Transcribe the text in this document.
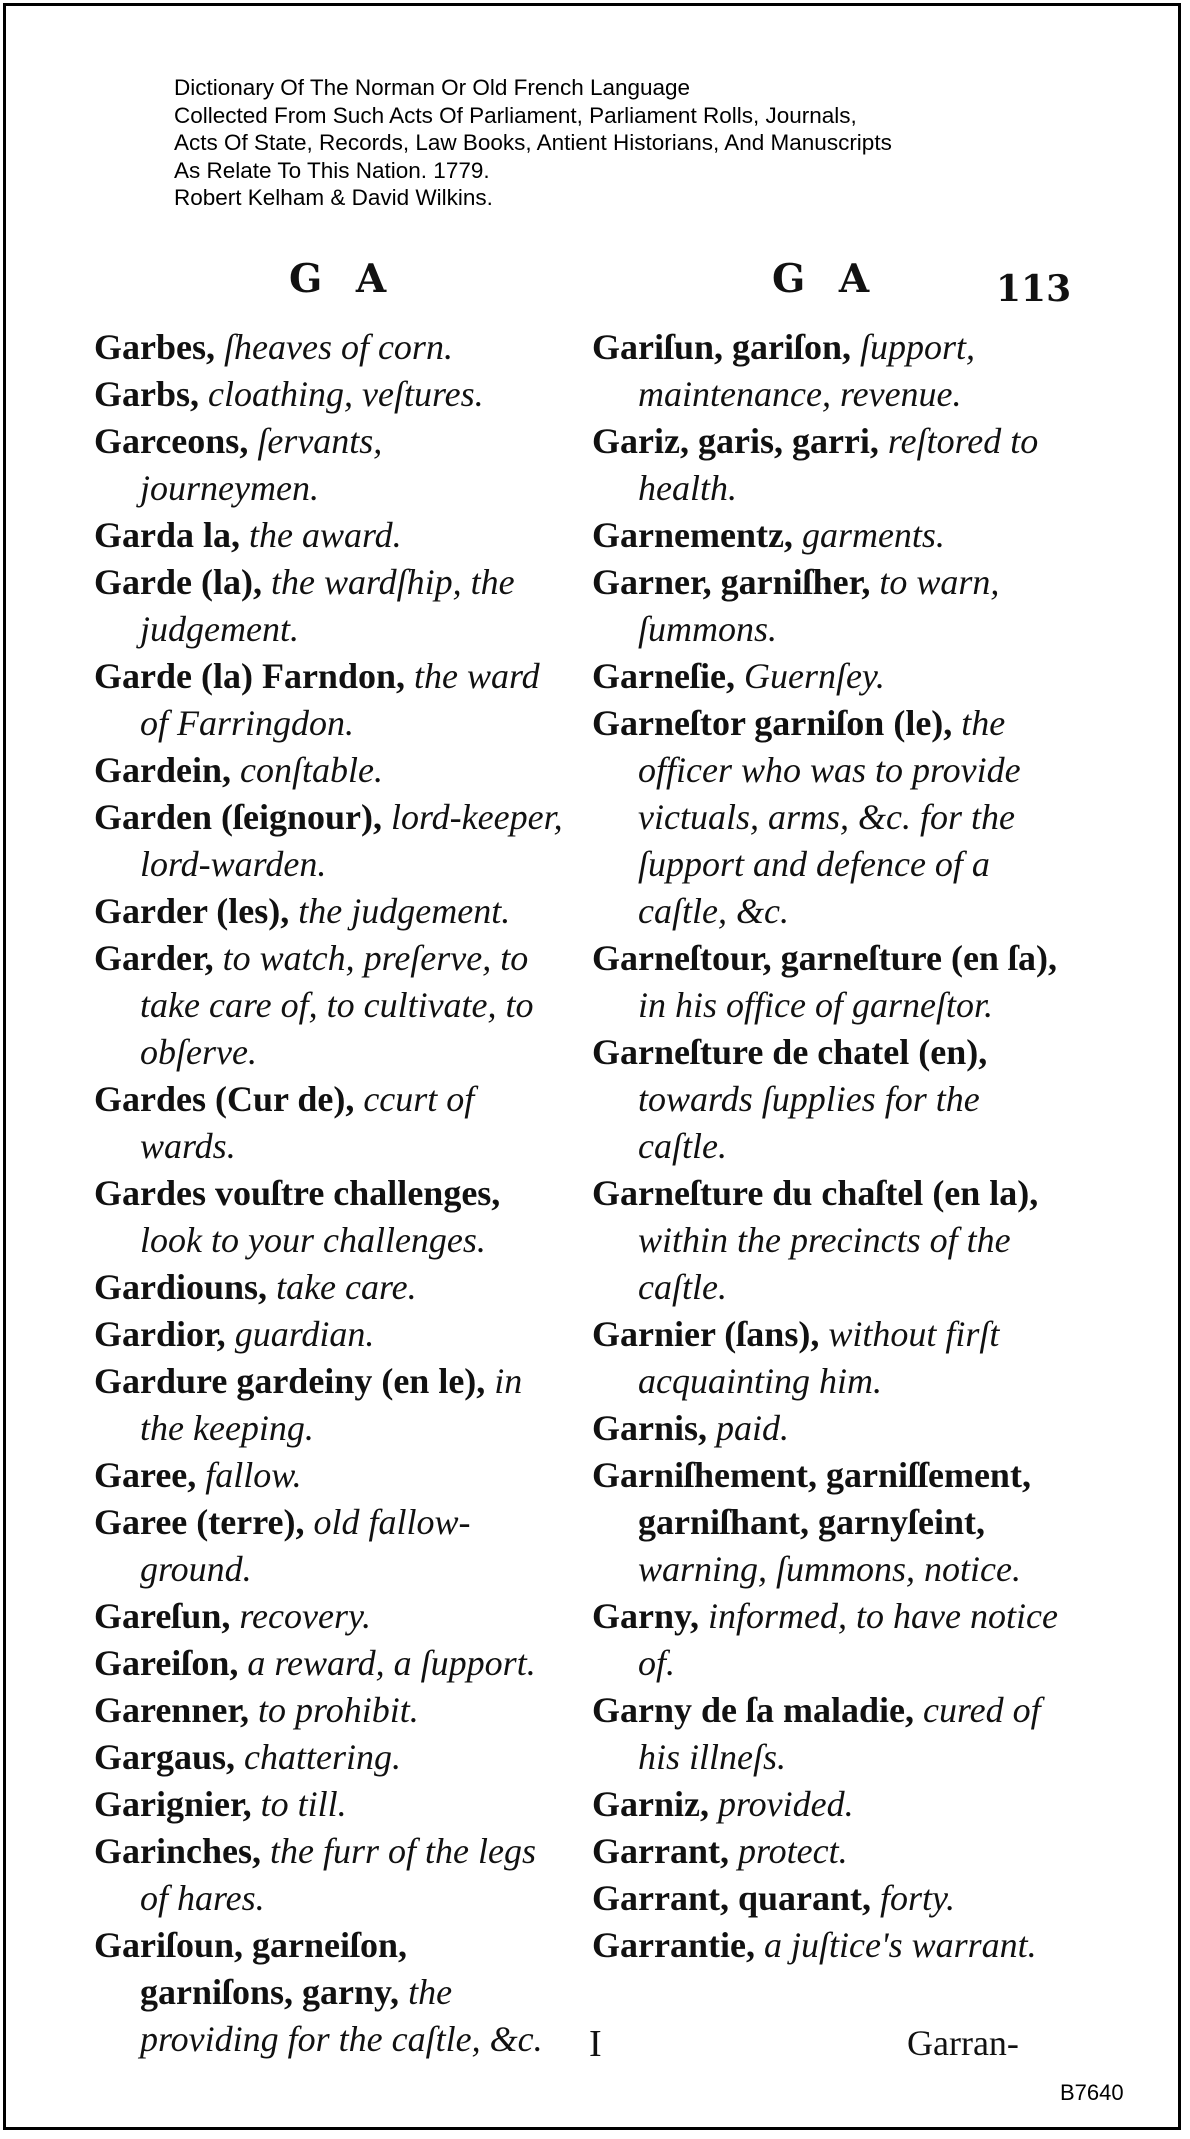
Dictionary Of The Norman Or Old French Language
Collected From Such Acts Of Parliament, Parliament Rolls, Journals,
Acts Of State, Records, Law Books, Antient Historians, And Manuscripts
As Relate To This Nation. 1779.
Robert Kelham & David Wilkins.
G A	G A	113

Garbes, ſheaves of corn.

Garbs, cloathing, veſtures.

Garceons, ſervants, journeymen.

Garda la, the award.

Garde (la), the wardſhip, the judgement.

Garde (la) Farndon, the ward of Farringdon.

Gardein, conſtable.

Garden (ſeignour), lord-keeper, lord-warden.

Garder (les), the judgement.

Garder, to watch, preſerve, to take care of, to cultivate, to obſerve.

Gardes (Cur de), ccurt of wards.

Gardes vouſtre challenges, look to your challenges.

Gardiouns, take care.

Gardior, guardian.

Gardure gardeiny (en le), in the keeping.

Garee, fallow.

Garee (terre), old fallow-ground.

Gareſun, recovery.

Gareiſon, a reward, a ſupport.

Garenner, to prohibit.

Gargaus, chattering.

Garignier, to till.

Garinches, the furr of the legs of hares.

Gariſoun, garneiſon, garniſons, garny, the providing for the caſtle, &c.

Gariſun, gariſon, ſupport, maintenance, revenue.

Gariz, garis, garri, reſtored to health.

Garnementz, garments.

Garner, garniſher, to warn, ſummons.

Garneſie, Guernſey.

Garneſtor garniſon (le), the officer who was to provide victuals, arms, &c. for the ſupport and defence of a caſtle, &c.

Garneſtour, garneſture (en ſa), in his office of garneſtor.

Garneſture de chatel (en), towards ſupplies for the caſtle.

Garneſture du chaſtel (en la), within the precincts of the caſtle.

Garnier (ſans), without firſt acquainting him.

Garnis, paid.

Garniſhement, garniſſement, garniſhant, garnyſeint, warning, ſummons, notice.

Garny, informed, to have notice of.

Garny de ſa maladie, cured of his illneſs.

Garniz, provided.

Garrant, protect.

Garrant, quarant, forty.

Garrantie, a juſtice's warrant.

I	Garran-
B7640
